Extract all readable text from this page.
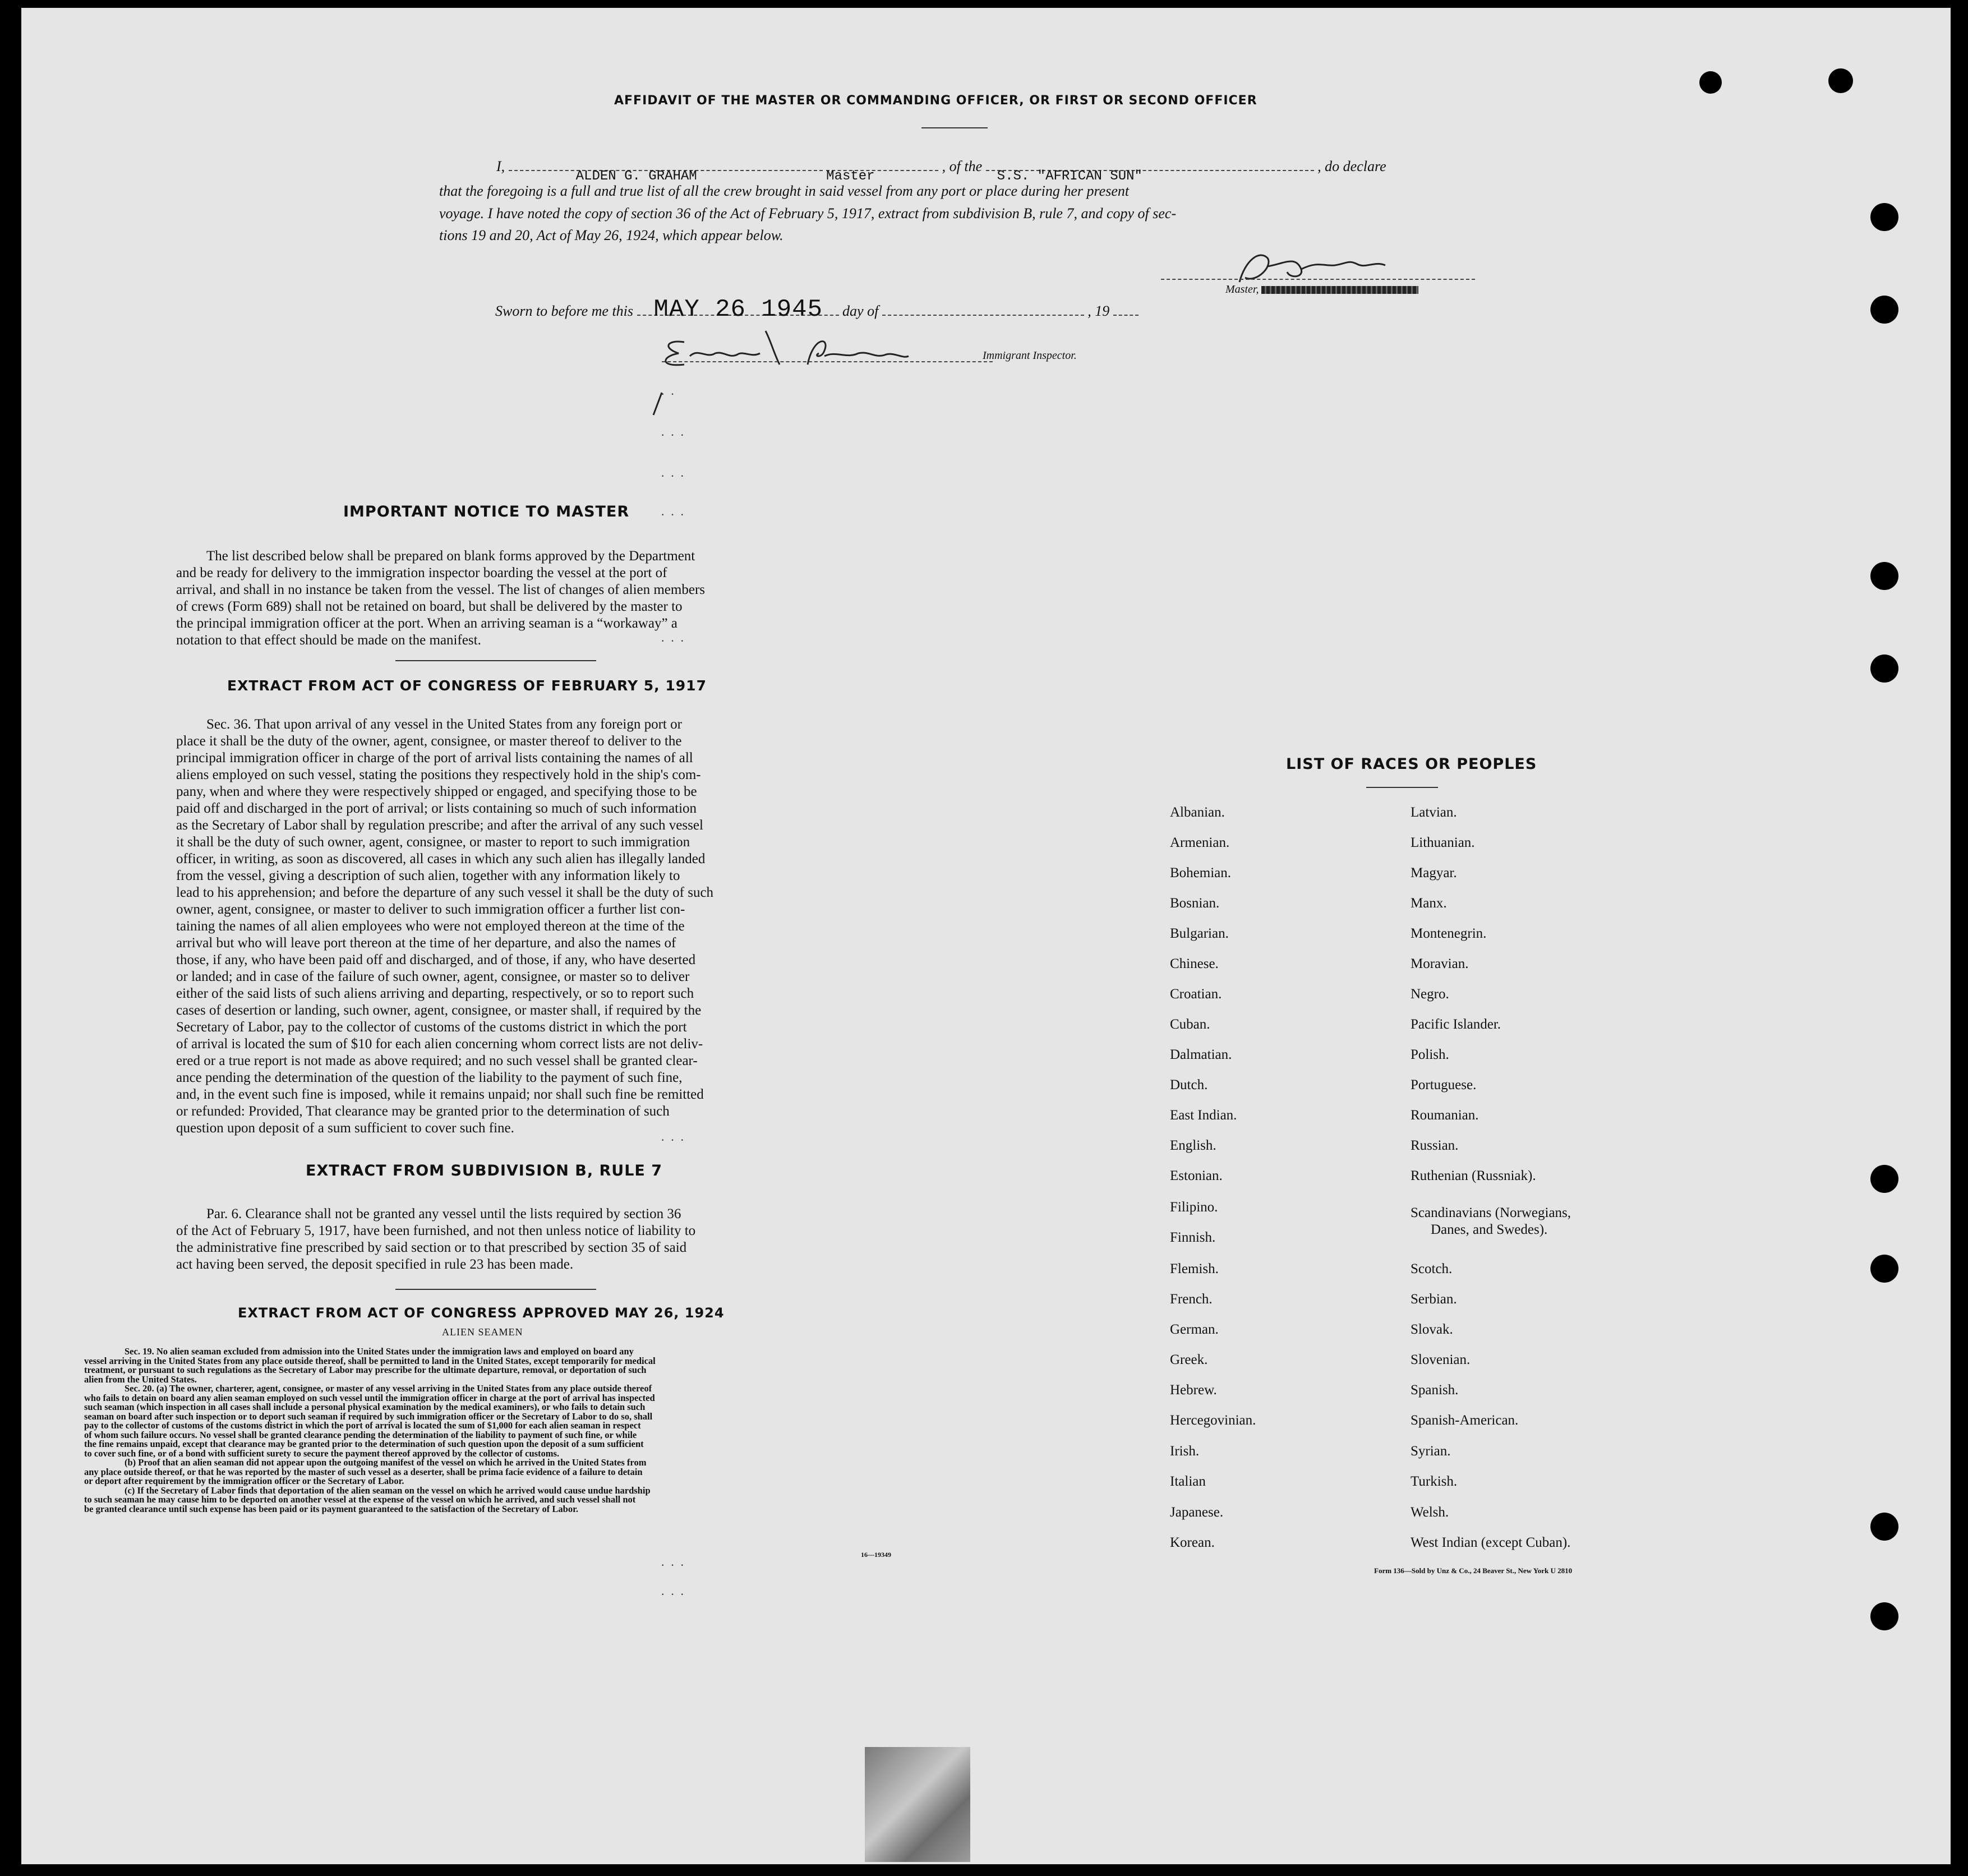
AFFIDAVIT OF THE MASTER OR COMMANDING OFFICER, OR FIRST OR SECOND OFFICER
I,
ALDEN G. GRAHAM
	Master
, of the
S.S. "AFRICAN SUN"
, do declare
that the foregoing is a full and true list of all the crew brought in said vessel from any port or place during her present
voyage. I have noted the copy of section 36 of the Act of February 5, 1917, extract from subdivision B, rule 7, and copy of sec-
tions 19 and 20, Act of May 26, 1924, which appear below.
Master,
Sworn to before me this MAY 26 1945 day of	, 19
Immigrant Inspector.
IMPORTANT NOTICE TO MASTER
The list described below shall be prepared on blank forms approved by the Department
and be ready for delivery to the immigration inspector boarding the vessel at the port of
arrival, and shall in no instance be taken from the vessel. The list of changes of alien members
of crews (Form 689) shall not be retained on board, but shall be delivered by the master to
the principal immigration officer at the port. When an arriving seaman is a “workaway” a
notation to that effect should be made on the manifest.
EXTRACT FROM ACT OF CONGRESS OF FEBRUARY 5, 1917
Sec. 36. That upon arrival of any vessel in the United States from any foreign port or
place it shall be the duty of the owner, agent, consignee, or master thereof to deliver to the
principal immigration officer in charge of the port of arrival lists containing the names of all
aliens employed on such vessel, stating the positions they respectively hold in the ship's com-
pany, when and where they were respectively shipped or engaged, and specifying those to be
paid off and discharged in the port of arrival; or lists containing so much of such information
as the Secretary of Labor shall by regulation prescribe; and after the arrival of any such vessel
it shall be the duty of such owner, agent, consignee, or master to report to such immigration
officer, in writing, as soon as discovered, all cases in which any such alien has illegally landed
from the vessel, giving a description of such alien, together with any information likely to
lead to his apprehension; and before the departure of any such vessel it shall be the duty of such
owner, agent, consignee, or master to deliver to such immigration officer a further list con-
taining the names of all alien employees who were not employed thereon at the time of the
arrival but who will leave port thereon at the time of her departure, and also the names of
those, if any, who have been paid off and discharged, and of those, if any, who have deserted
or landed; and in case of the failure of such owner, agent, consignee, or master so to deliver
either of the said lists of such aliens arriving and departing, respectively, or so to report such
cases of desertion or landing, such owner, agent, consignee, or master shall, if required by the
Secretary of Labor, pay to the collector of customs of the customs district in which the port
of arrival is located the sum of $10 for each alien concerning whom correct lists are not deliv-
ered or a true report is not made as above required; and no such vessel shall be granted clear-
ance pending the determination of the question of the liability to the payment of such fine,
and, in the event such fine is imposed, while it remains unpaid; nor shall such fine be remitted
or refunded: Provided, That clearance may be granted prior to the determination of such
question upon deposit of a sum sufficient to cover such fine.
EXTRACT FROM SUBDIVISION B, RULE 7
Par. 6. Clearance shall not be granted any vessel until the lists required by section 36
of the Act of February 5, 1917, have been furnished, and not then unless notice of liability to
the administrative fine prescribed by said section or to that prescribed by section 35 of said
act having been served, the deposit specified in rule 23 has been made.
EXTRACT FROM ACT OF CONGRESS APPROVED MAY 26, 1924
ALIEN SEAMEN
Sec. 19. No alien seaman excluded from admission into the United States under the immigration laws and employed on board any
vessel arriving in the United States from any place outside thereof, shall be permitted to land in the United States, except temporarily for medical
treatment, or pursuant to such regulations as the Secretary of Labor may prescribe for the ultimate departure, removal, or deportation of such
alien from the United States.
Sec. 20. (a) The owner, charterer, agent, consignee, or master of any vessel arriving in the United States from any place outside thereof
who fails to detain on board any alien seaman employed on such vessel until the immigration officer in charge at the port of arrival has inspected
such seaman (which inspection in all cases shall include a personal physical examination by the medical examiners), or who fails to detain such
seaman on board after such inspection or to deport such seaman if required by such immigration officer or the Secretary of Labor to do so, shall
pay to the collector of customs of the customs district in which the port of arrival is located the sum of $1,000 for each alien seaman in respect
of whom such failure occurs. No vessel shall be granted clearance pending the determination of the liability to payment of such fine, or while
the fine remains unpaid, except that clearance may be granted prior to the determination of such question upon the deposit of a sum sufficient
to cover such fine, or of a bond with sufficient surety to secure the payment thereof approved by the collector of customs.
(b) Proof that an alien seaman did not appear upon the outgoing manifest of the vessel on which he arrived in the United States from
any place outside thereof, or that he was reported by the master of such vessel as a deserter, shall be prima facie evidence of a failure to detain
or deport after requirement by the immigration officer or the Secretary of Labor.
(c) If the Secretary of Labor finds that deportation of the alien seaman on the vessel on which he arrived would cause undue hardship
to such seaman he may cause him to be deported on another vessel at the expense of the vessel on which he arrived, and such vessel shall not
be granted clearance until such expense has been paid or its payment guaranteed to the satisfaction of the Secretary of Labor.
16—19349
LIST OF RACES OR PEOPLES
Albanian.
Armenian.
Bohemian.
Bosnian.
Bulgarian.
Chinese.
Croatian.
Cuban.
Dalmatian.
Dutch.
East Indian.
English.
Estonian.
Filipino.
Finnish.
Flemish.
French.
German.
Greek.
Hebrew.
Hercegovinian.
Irish.
Italian
Japanese.
Korean.
Latvian.
Lithuanian.
Magyar.
Manx.
Montenegrin.
Moravian.
Negro.
Pacific Islander.
Polish.
Portuguese.
Roumanian.
Russian.
Ruthenian (Russniak).
Scandinavians (Norwegians,
Danes, and Swedes).
Scotch.
Serbian.
Slovak.
Slovenian.
Spanish.
Spanish-American.
Syrian.
Turkish.
Welsh.
West Indian (except Cuban).
Form 136—Sold by Unz & Co., 24 Beaver St., New York U 2810
··
···
···
···
···
···
···
···
